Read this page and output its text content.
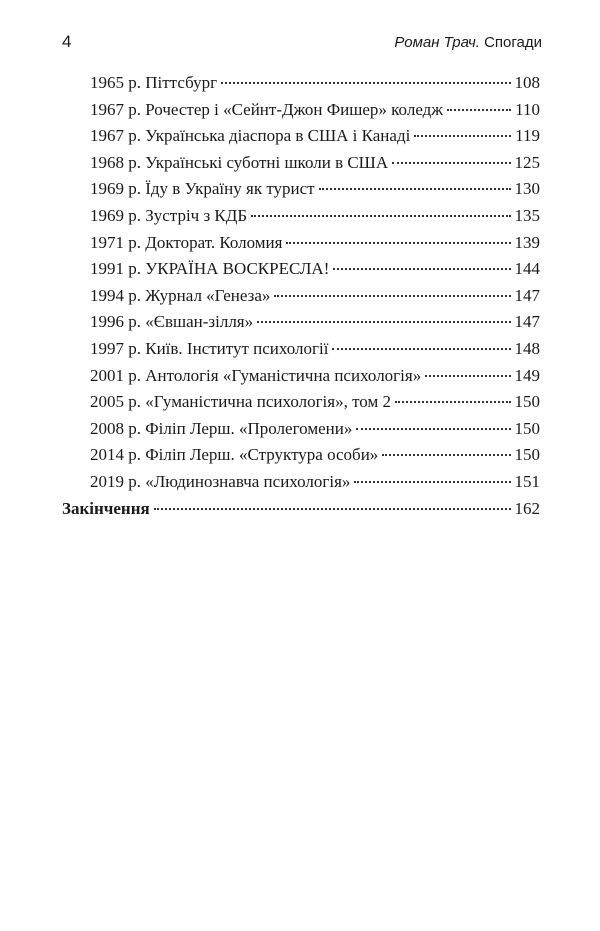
4	Роман Трач. Спогади
1965 р. Піттсбург	108
1967 р. Рочестер і «Сейнт-Джон Фишер» коледж	110
1967 р. Українська діаспора в США і Канаді	119
1968 р. Українські суботні школи в США	125
1969 р. Їду в Україну як турист	130
1969 р. Зустріч з КДБ	135
1971 р. Докторат. Коломия	139
1991 р. УКРАЇНА ВОСКРЕСЛА!	144
1994 р. Журнал «Генеза»	147
1996 р. «Євшан-зілля»	147
1997 р. Київ. Інститут психології	148
2001 р. Антологія «Гуманістична психологія»	149
2005 р. «Гуманістична психологія», том 2	150
2008 р. Філіп Лерш. «Пролегомени»	150
2014 р. Філіп Лерш. «Структура особи»	150
2019 р. «Людинознавча психологія»	151
Закінчення	162
